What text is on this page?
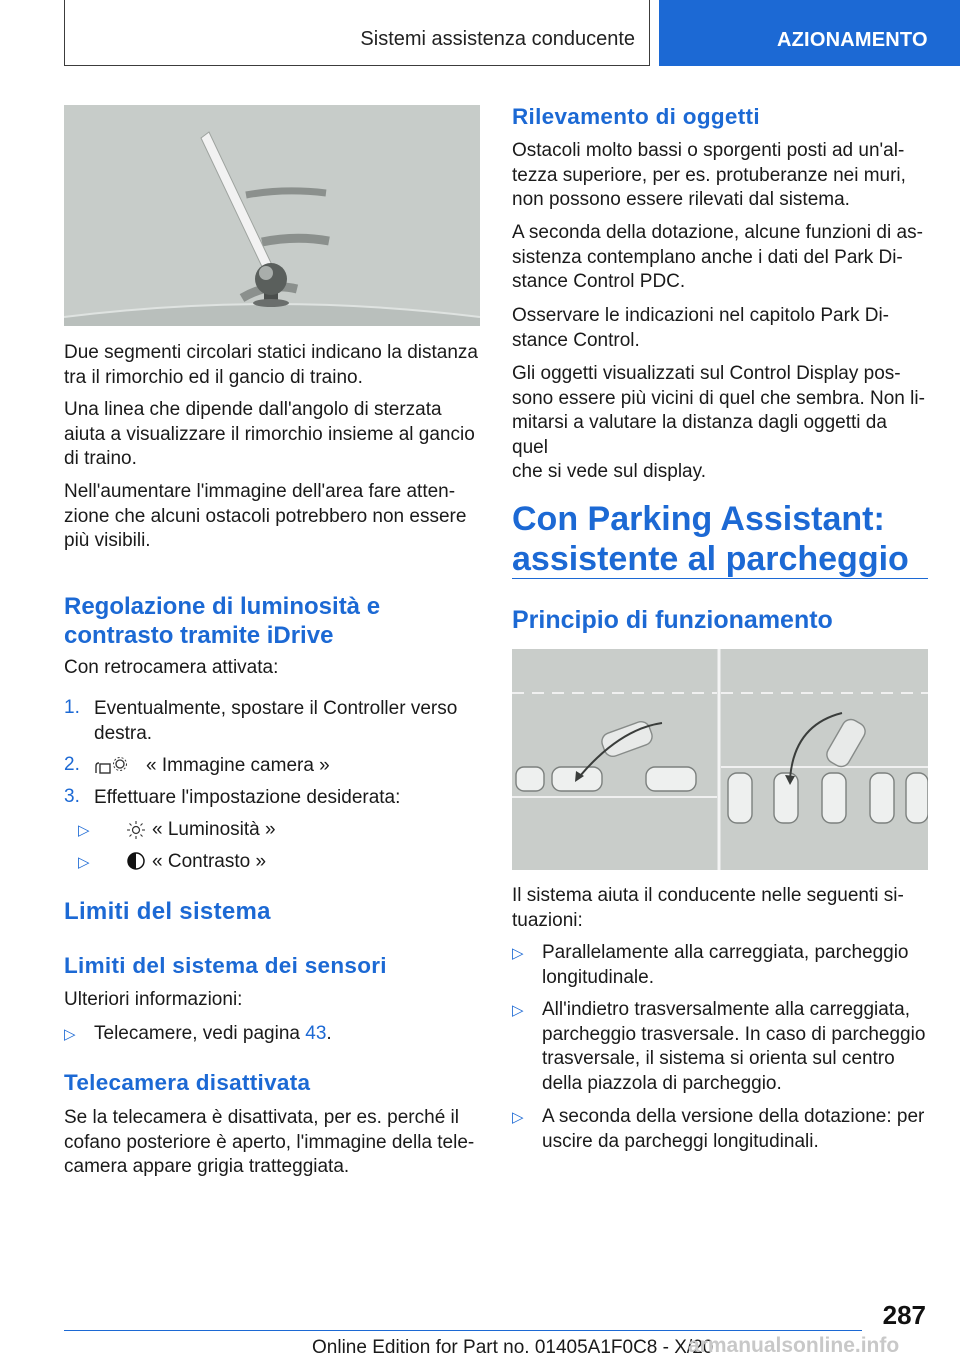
Sistemi assistenza conducente	AZIONAMENTO

Due segmenti circolari statici indicano la distanza
tra il rimorchio ed il gancio di traino.

Una linea che dipende dall'angolo di sterzata
aiuta a visualizzare il rimorchio insieme al gancio
di traino.

Nell'aumentare l'immagine dell'area fare atten-
zione che alcuni ostacoli potrebbero non essere
più visibili.

Regolazione di luminosità e
contrasto tramite iDrive

Con retrocamera attivata:

1. Eventualmente, spostare il Controller verso
destra.

2.	« Immagine camera »

3. Effettuare l'impostazione desiderata:

▷	« Luminosità »

▷	« Contrasto »

Limiti del sistema
Limiti del sistema dei sensori

Ulteriori informazioni:

▷ Telecamere, vedi pagina 43.

Telecamera disattivata

Se la telecamera è disattivata, per es. perché il
cofano posteriore è aperto, l'immagine della tele-
camera appare grigia tratteggiata.

Rilevamento di oggetti

Ostacoli molto bassi o sporgenti posti ad un'al-
tezza superiore, per es. protuberanze nei muri,
non possono essere rilevati dal sistema.

A seconda della dotazione, alcune funzioni di as-
sistenza contemplano anche i dati del Park Di-
stance Control PDC.

Osservare le indicazioni nel capitolo Park Di-
stance Control.

Gli oggetti visualizzati sul Control Display pos-
sono essere più vicini di quel che sembra. Non li-
mitarsi a valutare la distanza dagli oggetti da quel
che si vede sul display.

Con Parking Assistant:
assistente al parcheggio
Principio di funzionamento

Il sistema aiuta il conducente nelle seguenti si-
tuazioni:

▷ Parallelamente alla carreggiata, parcheggio
longitudinale.

▷ All'indietro trasversalmente alla carreggiata,
parcheggio trasversale. In caso di parcheggio
trasversale, il sistema si orienta sul centro
della piazzola di parcheggio.

▷ A seconda della versione della dotazione: per
uscire da parcheggi longitudinali.

287
Online Edition for Part no. 01405A1F0C8 - X/20
armanualsonline.info
